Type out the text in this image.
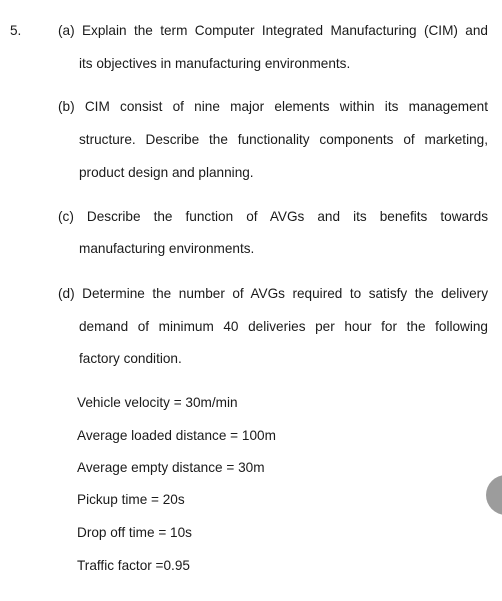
5.	(a) Explain the term Computer Integrated Manufacturing (CIM) and
its objectives in manufacturing environments.
(b) CIM consist of nine major elements within its management
structure. Describe the functionality components of marketing,
product design and planning.
(c) Describe the function of AVGs and its benefits towards
manufacturing environments.
(d) Determine the number of AVGs required to satisfy the delivery
demand of minimum 40 deliveries per hour for the following
factory condition.
Vehicle velocity = 30m/min
Average loaded distance = 100m
Average empty distance = 30m
Pickup time = 20s
Drop off time = 10s
Traffic factor =0.95
